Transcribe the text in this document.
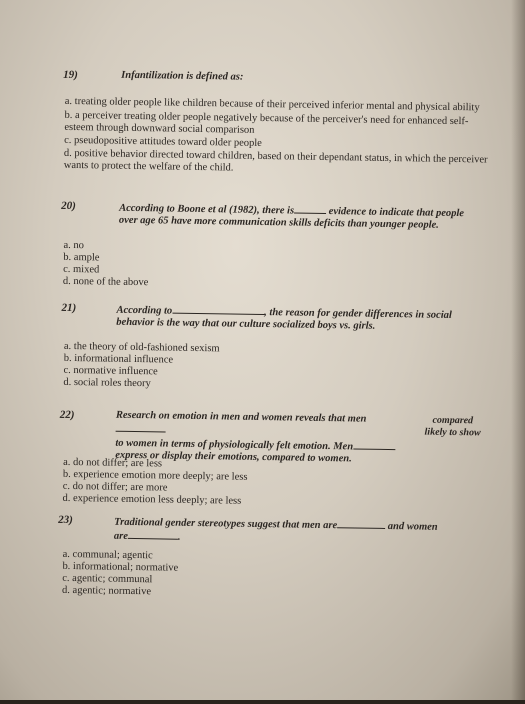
19)	Infantilization is defined as:
a. treating older people like children because of their perceived inferior mental and physical ability
b. a perceiver treating older people negatively because of the perceiver's need for enhanced self-esteem through downward social comparison
c. pseudopositive attitudes toward older people
d. positive behavior directed toward children, based on their dependant status, in which the perceiver wants to protect the welfare of the child.
20)	According to Boone et al (1982), there is	evidence to indicate that people
over age 65 have more communication skills deficits than younger people.
a. no
b. ample
c. mixed
d. none of the above
21)	According to	, the reason for gender differences in social
behavior is the way that our culture socialized boys vs. girls.
a. the theory of old-fashioned sexism
b. informational influence
c. normative influence
d. social roles theory
22)	Research on emotion in men and women reveals that men
to women in terms of physiologically felt emotion. Men
express or display their emotions, compared to women.
compared
likely to show
a. do not differ; are less
b. experience emotion more deeply; are less
c. do not differ; are more
d. experience emotion less deeply; are less
23)	Traditional gender stereotypes suggest that men are	and women
are	.
a. communal; agentic
b. informational; normative
c. agentic; communal
d. agentic; normative
